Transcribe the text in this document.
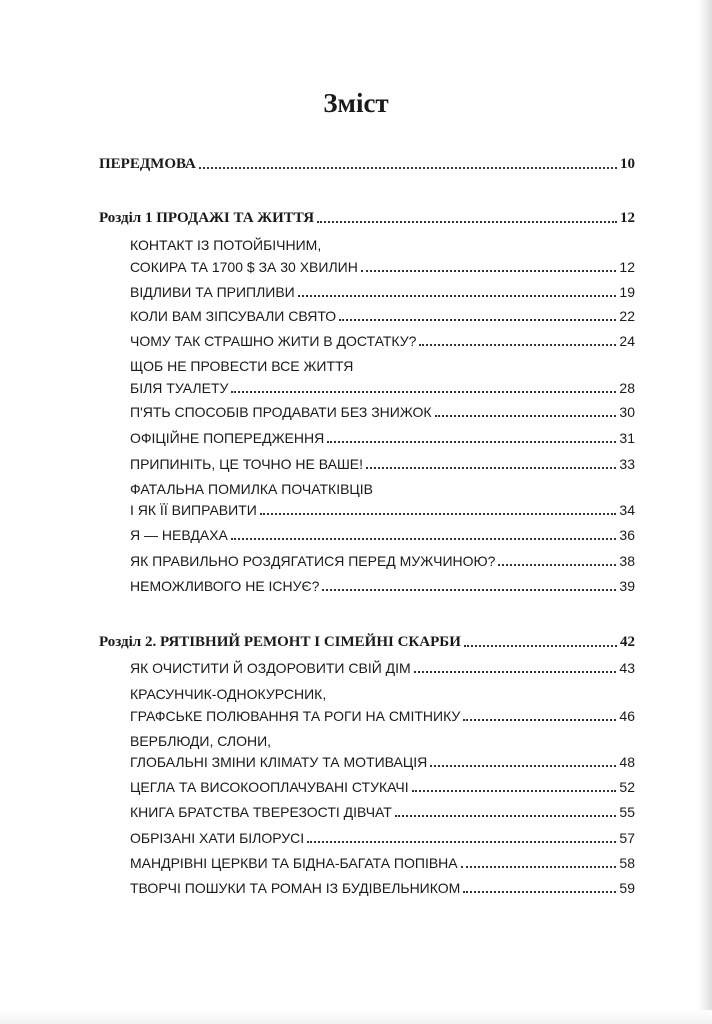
Зміст
ПЕРЕДМОВА	10
Розділ 1 ПРОДАЖІ ТА ЖИТТЯ	12
КОНТАКТ ІЗ ПОТОЙБІЧНИМ,
СОКИРА ТА 1700 $ ЗА 30 ХВИЛИН	12
ВІДЛИВИ ТА ПРИПЛИВИ	19
КОЛИ ВАМ ЗІПСУВАЛИ СВЯТО	22
ЧОМУ ТАК СТРАШНО ЖИТИ В ДОСТАТКУ?	24
ЩОБ НЕ ПРОВЕСТИ ВСЕ ЖИТТЯ
БІЛЯ ТУАЛЕТУ	28
П'ЯТЬ СПОСОБІВ ПРОДАВАТИ БЕЗ ЗНИЖОК	30
ОФІЦІЙНЕ ПОПЕРЕДЖЕННЯ	31
ПРИПИНІТЬ, ЦЕ ТОЧНО НЕ ВАШЕ!	33
ФАТАЛЬНА ПОМИЛКА ПОЧАТКІВЦІВ
І ЯК ЇЇ ВИПРАВИТИ	34
Я — НЕВДАХА	36
ЯК ПРАВИЛЬНО РОЗДЯГАТИСЯ ПЕРЕД МУЖЧИНОЮ?	38
НЕМОЖЛИВОГО НЕ ІСНУЄ?	39
Розділ 2. РЯТІВНИЙ РЕМОНТ І СІМЕЙНІ СКАРБИ	42
ЯК ОЧИСТИТИ Й ОЗДОРОВИТИ СВІЙ ДІМ	43
КРАСУНЧИК-ОДНОКУРСНИК,
ГРАФСЬКЕ ПОЛЮВАННЯ ТА РОГИ НА СМІТНИКУ	46
ВЕРБЛЮДИ, СЛОНИ,
ГЛОБАЛЬНІ ЗМІНИ КЛІМАТУ ТА МОТИВАЦІЯ	48
ЦЕГЛА ТА ВИСОКООПЛАЧУВАНІ СТУКАЧІ	52
КНИГА БРАТСТВА ТВЕРЕЗОСТІ ДІВЧАТ	55
ОБРІЗАНІ ХАТИ БІЛОРУСІ	57
МАНДРІВНІ ЦЕРКВИ ТА БІДНА-БАГАТА ПОПІВНА	58
ТВОРЧІ ПОШУКИ ТА РОМАН ІЗ БУДІВЕЛЬНИКОМ	59
